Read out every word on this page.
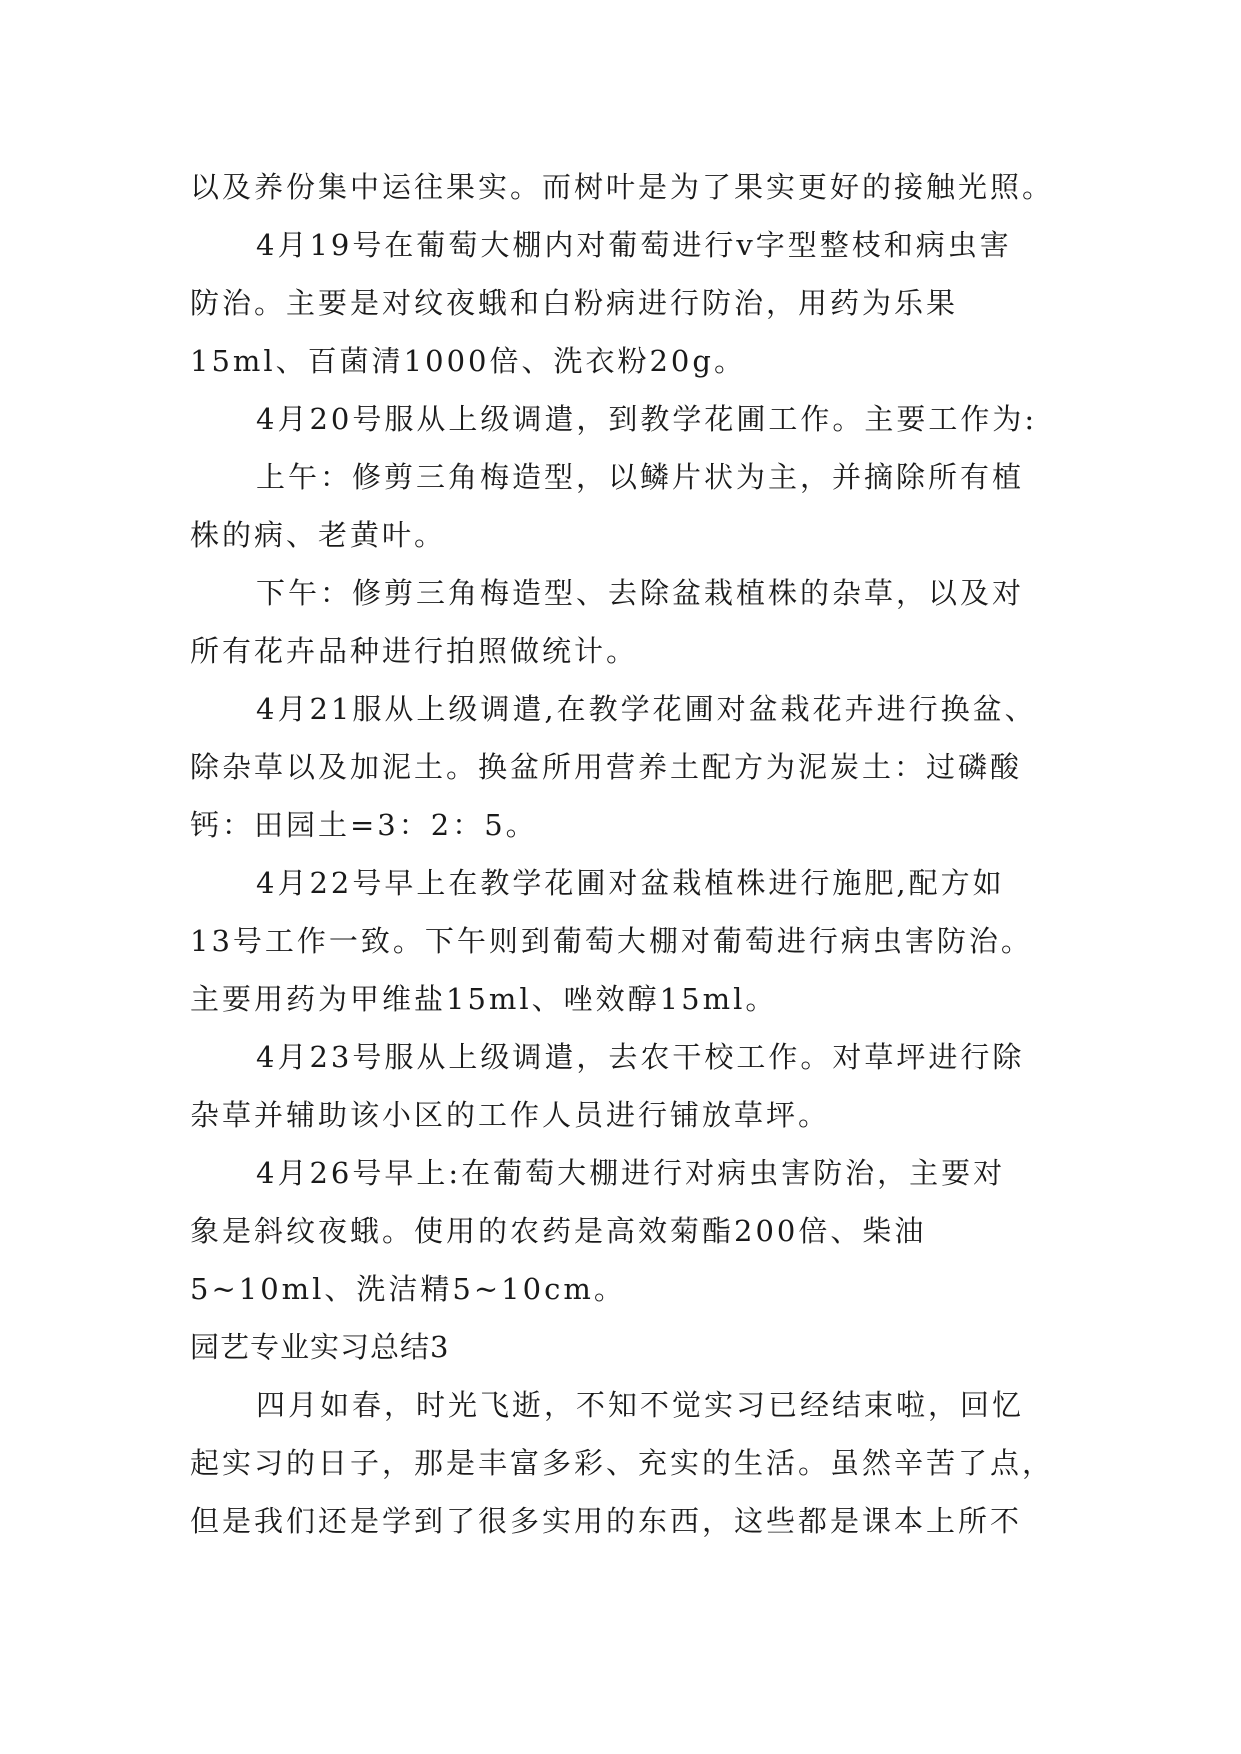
以及养份集中运往果实。而树叶是为了果实更好的接触光照。
4月19号在葡萄大棚内对葡萄进行v字型整枝和病虫害
防治。主要是对纹夜蛾和白粉病进行防治，用药为乐果
15ml、百菌清1000倍、洗衣粉20g。
4月20号服从上级调遣，到教学花圃工作。主要工作为:
上午：修剪三角梅造型，以鳞片状为主，并摘除所有植
株的病、老黄叶。
下午：修剪三角梅造型、去除盆栽植株的杂草，以及对
所有花卉品种进行拍照做统计。
4月21服从上级调遣,在教学花圃对盆栽花卉进行换盆、
除杂草以及加泥土。换盆所用营养土配方为泥炭土：过磷酸
钙：田园土=3：2：5。
4月22号早上在教学花圃对盆栽植株进行施肥,配方如
13号工作一致。下午则到葡萄大棚对葡萄进行病虫害防治。
主要用药为甲维盐15ml、唑效醇15ml。
4月23号服从上级调遣，去农干校工作。对草坪进行除
杂草并辅助该小区的工作人员进行铺放草坪。
4月26号早上:在葡萄大棚进行对病虫害防治，主要对
象是斜纹夜蛾。使用的农药是高效菊酯200倍、柴油
5~10ml、洗洁精5~10cm。
园艺专业实习总结3
四月如春，时光飞逝，不知不觉实习已经结束啦，回忆
起实习的日子，那是丰富多彩、充实的生活。虽然辛苦了点，
但是我们还是学到了很多实用的东西，这些都是课本上所不
